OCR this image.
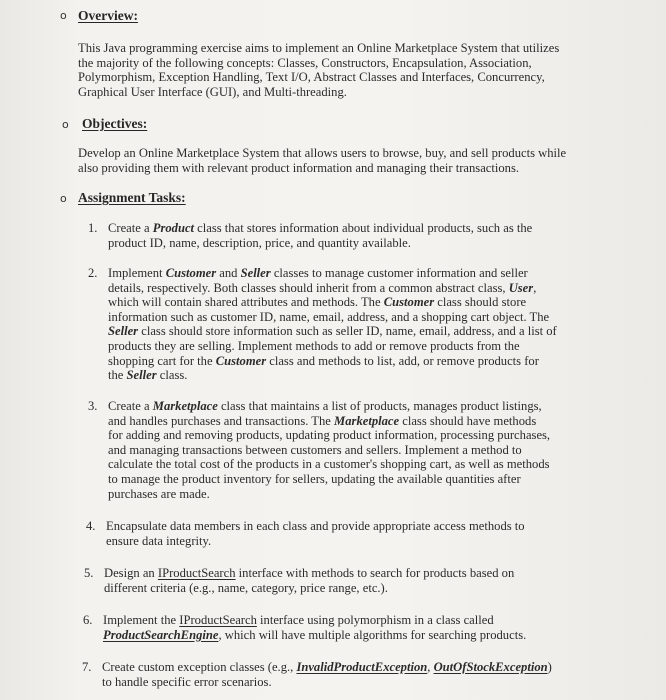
o Overview:
This Java programming exercise aims to implement an Online Marketplace System that utilizes
the majority of the following concepts: Classes, Constructors, Encapsulation, Association,
Polymorphism, Exception Handling, Text I/O, Abstract Classes and Interfaces, Concurrency,
Graphical User Interface (GUI), and Multi-threading.
o Objectives:
Develop an Online Marketplace System that allows users to browse, buy, and sell products while
also providing them with relevant product information and managing their transactions.
o Assignment Tasks:
1. Create a Product class that stores information about individual products, such as the
product ID, name, description, price, and quantity available.
2. Implement Customer and Seller classes to manage customer information and seller
details, respectively. Both classes should inherit from a common abstract class, User,
which will contain shared attributes and methods. The Customer class should store
information such as customer ID, name, email, address, and a shopping cart object. The
Seller class should store information such as seller ID, name, email, address, and a list of
products they are selling. Implement methods to add or remove products from the
shopping cart for the Customer class and methods to list, add, or remove products for
the Seller class.
3. Create a Marketplace class that maintains a list of products, manages product listings,
and handles purchases and transactions. The Marketplace class should have methods
for adding and removing products, updating product information, processing purchases,
and managing transactions between customers and sellers. Implement a method to
calculate the total cost of the products in a customer's shopping cart, as well as methods
to manage the product inventory for sellers, updating the available quantities after
purchases are made.
4. Encapsulate data members in each class and provide appropriate access methods to
ensure data integrity.
5. Design an IProductSearch interface with methods to search for products based on
different criteria (e.g., name, category, price range, etc.).
6. Implement the IProductSearch interface using polymorphism in a class called
ProductSearchEngine, which will have multiple algorithms for searching products.
7. Create custom exception classes (e.g., InvalidProductException, OutOfStockException)
to handle specific error scenarios.
